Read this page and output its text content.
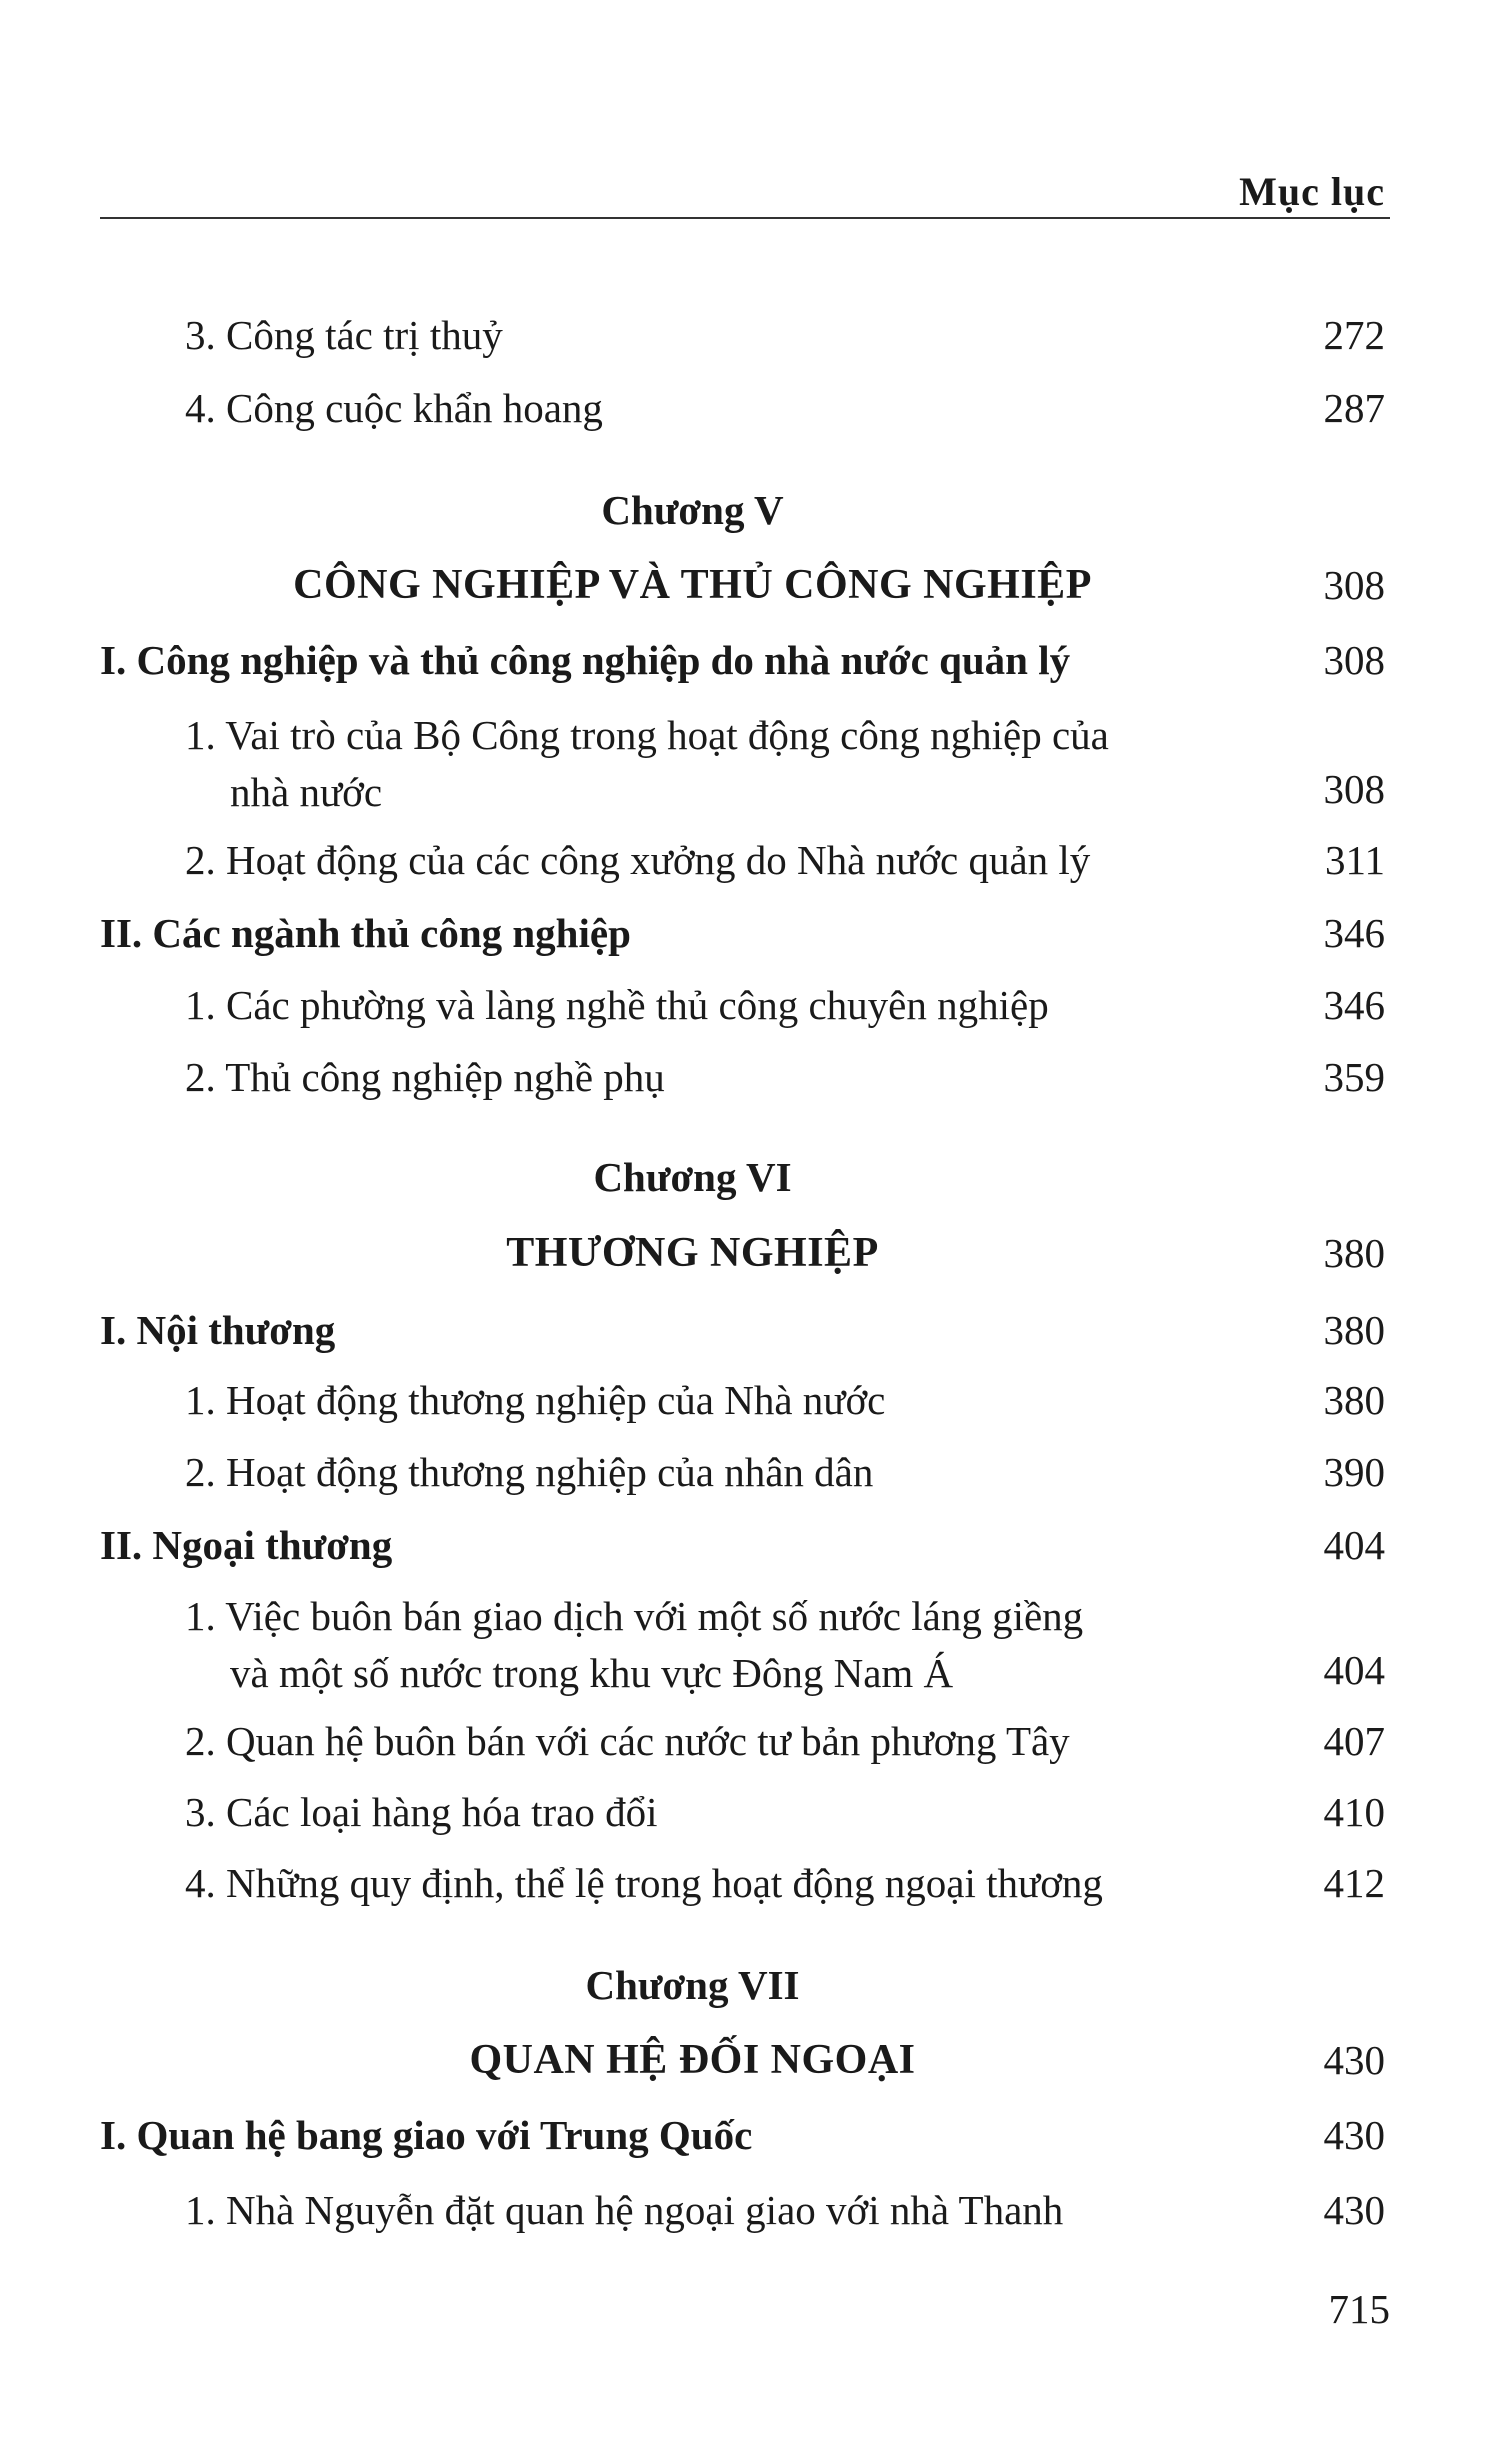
Mục lục
3. Công tác trị thuỷ	272
4. Công cuộc khẩn hoang	287
Chương V
CÔNG NGHIỆP VÀ THỦ CÔNG NGHIỆP	308
I. Công nghiệp và thủ công nghiệp do nhà nước quản lý	308
1. Vai trò của Bộ Công trong hoạt động công nghiệp của
nhà nước	308
2. Hoạt động của các công xưởng do Nhà nước quản lý	311
II. Các ngành thủ công nghiệp	346
1. Các phường và làng nghề thủ công chuyên nghiệp	346
2. Thủ công nghiệp nghề phụ	359
Chương VI
THƯƠNG NGHIỆP	380
I. Nội thương	380
1. Hoạt động thương nghiệp của Nhà nước	380
2. Hoạt động thương nghiệp của nhân dân	390
II. Ngoại thương	404
1. Việc buôn bán giao dịch với một số nước láng giềng
và một số nước trong khu vực Đông Nam Á	404
2. Quan hệ buôn bán với các nước tư bản phương Tây	407
3. Các loại hàng hóa trao đổi	410
4. Những quy định, thể lệ trong hoạt động ngoại thương	412
Chương VII
QUAN HỆ ĐỐI NGOẠI	430
I. Quan hệ bang giao với Trung Quốc	430
1. Nhà Nguyễn đặt quan hệ ngoại giao với nhà Thanh	430
715
